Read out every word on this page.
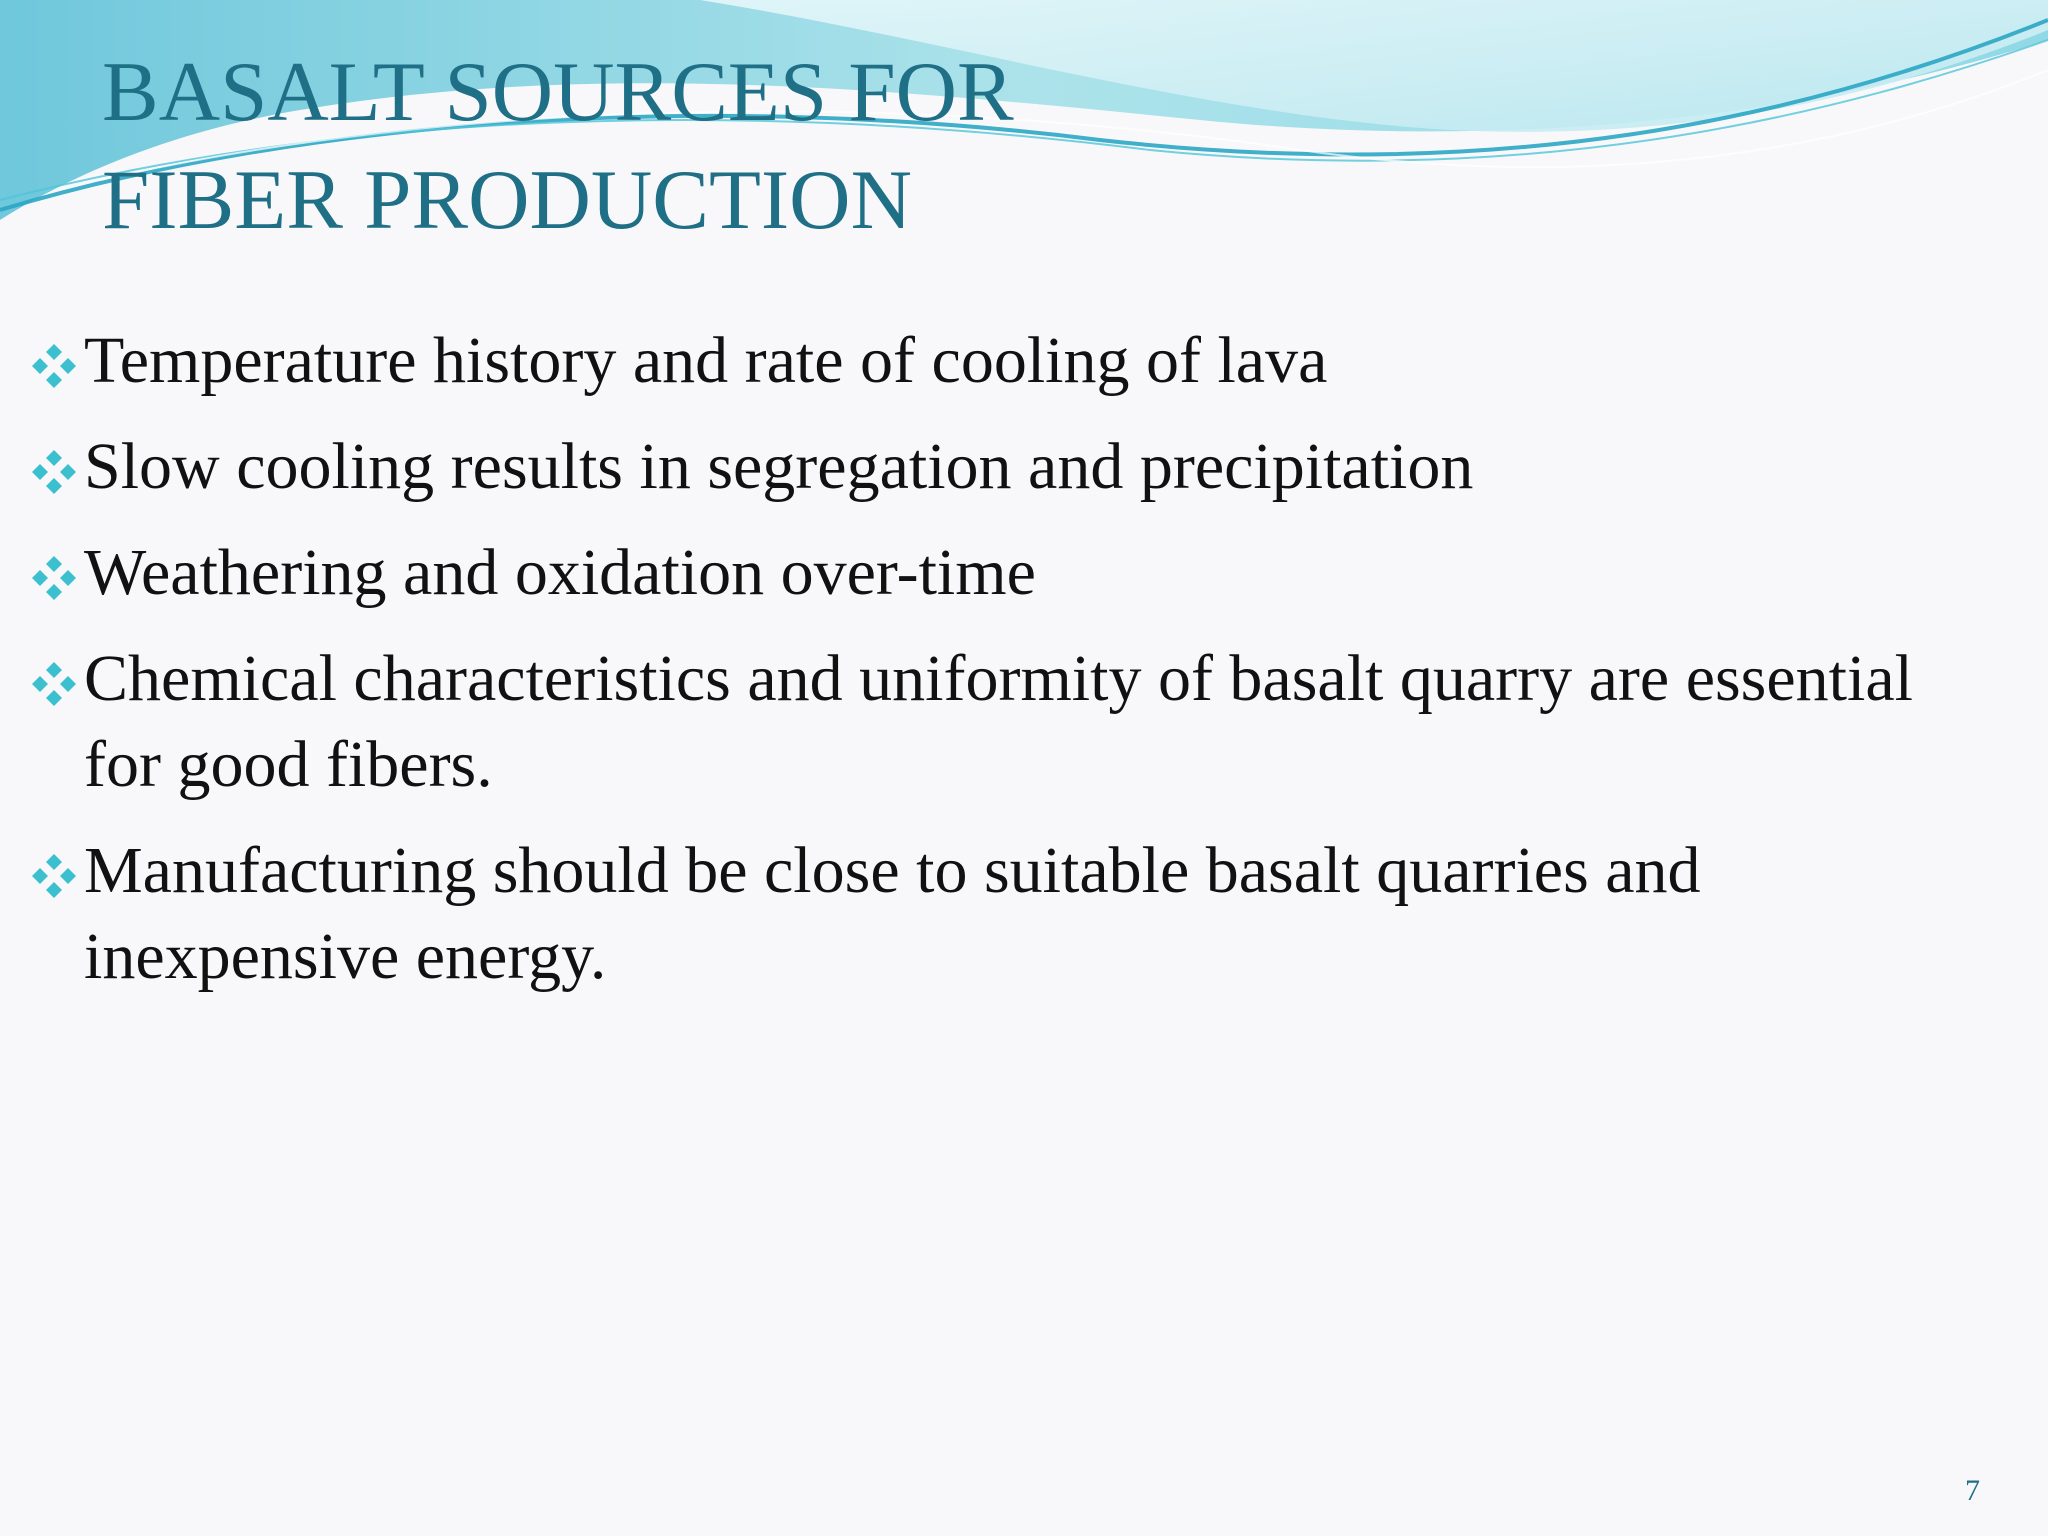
BASALT SOURCES FOR
FIBER PRODUCTION
Temperature history and rate of cooling of lava
Slow cooling results in segregation and precipitation
Weathering and oxidation over-time
Chemical characteristics and uniformity of basalt quarry are essential for good fibers.
Manufacturing should be close to suitable basalt quarries and inexpensive energy.
7
